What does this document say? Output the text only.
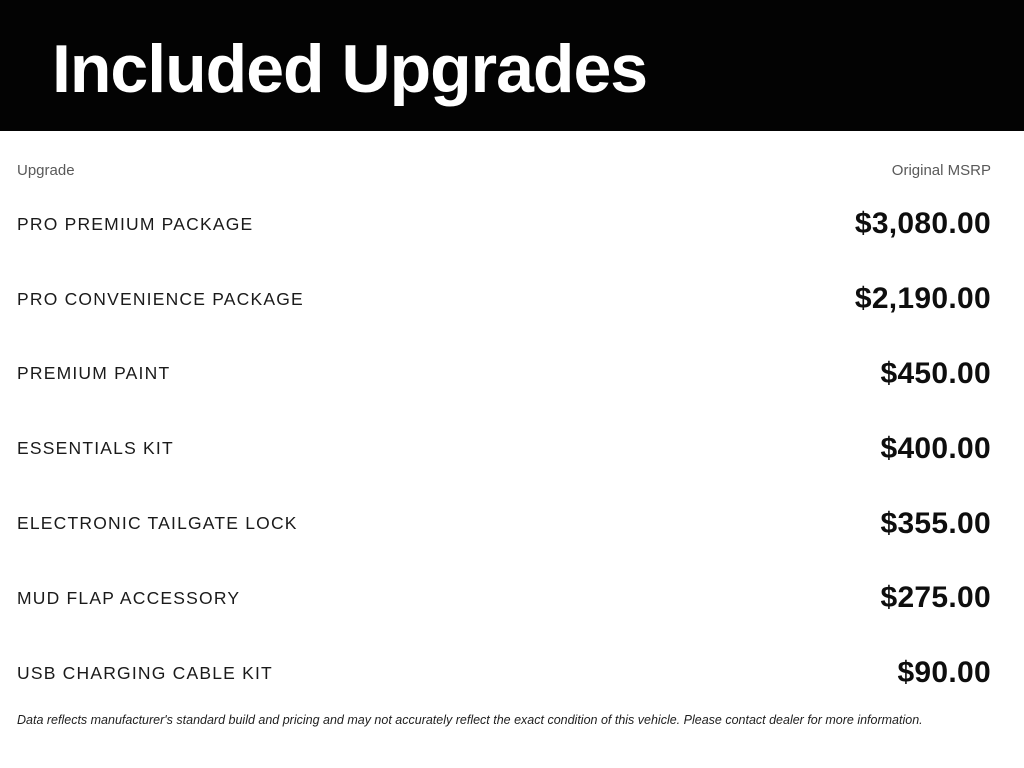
Included Upgrades
Upgrade	Original MSRP
PRO PREMIUM PACKAGE	$3,080.00
PRO CONVENIENCE PACKAGE	$2,190.00
PREMIUM PAINT	$450.00
ESSENTIALS KIT	$400.00
ELECTRONIC TAILGATE LOCK	$355.00
MUD FLAP ACCESSORY	$275.00
USB CHARGING CABLE KIT	$90.00
Data reflects manufacturer's standard build and pricing and may not accurately reflect the exact condition of this vehicle. Please contact dealer for more information.
